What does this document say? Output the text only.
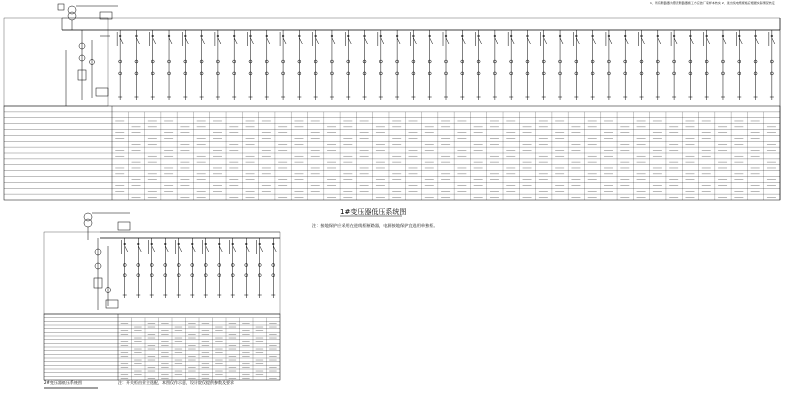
1#变压器低压系统图
注：接地保护应采用在进线柜断路器，电源接地保护宜选用单独柜。
2#变压器低压系统图	注：开关柜由业主选配，本图仅作示意，设计院仅提供参数及要求
1、所有断路器为塑壳断路器施工方应按厂家样本核实 2、进出线电缆规格应根据实际情况核定
